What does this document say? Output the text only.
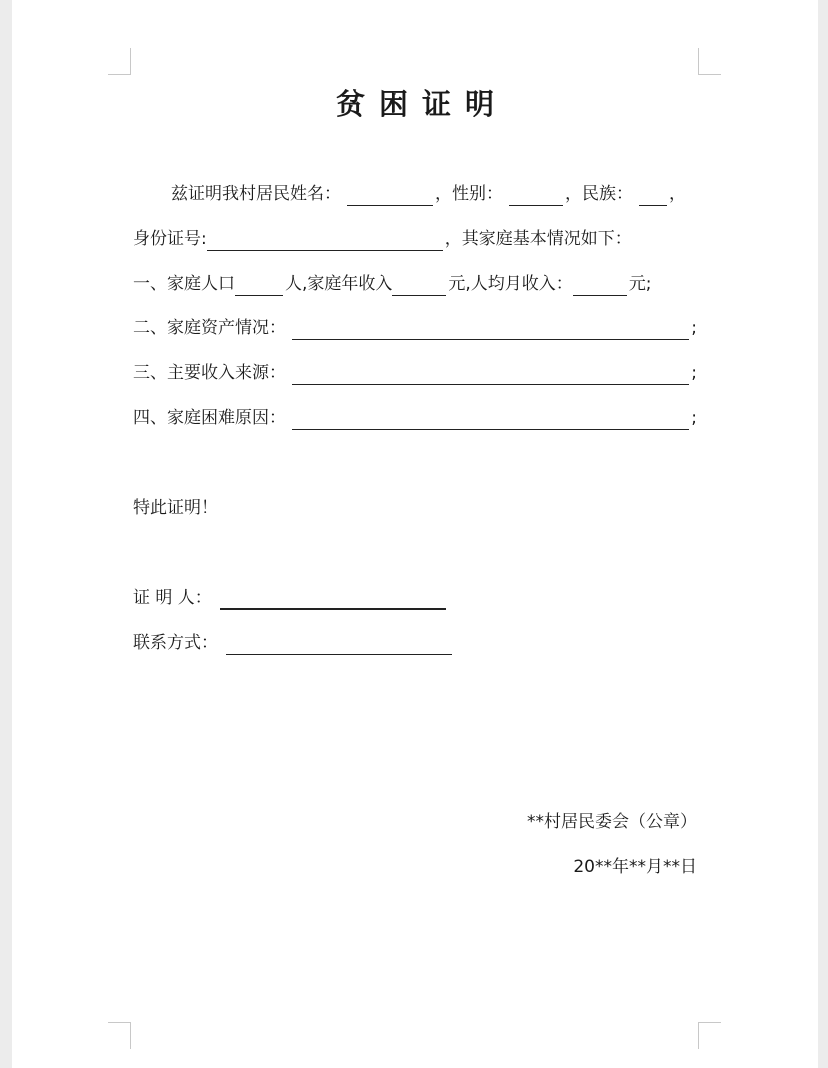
贫困证明
兹证明我村居民姓名：	，性别：	，民族： ，
身份证号:	，其家庭基本情况如下：
一、家庭人口	人,家庭年收入	元,人均月收入：	元;
二、家庭资产情况：	;
三、主要收入来源：	;
四、家庭困难原因：	;
特此证明！
证 明 人：
联系方式：
**村居民委会（公章）
20**年**月**日
